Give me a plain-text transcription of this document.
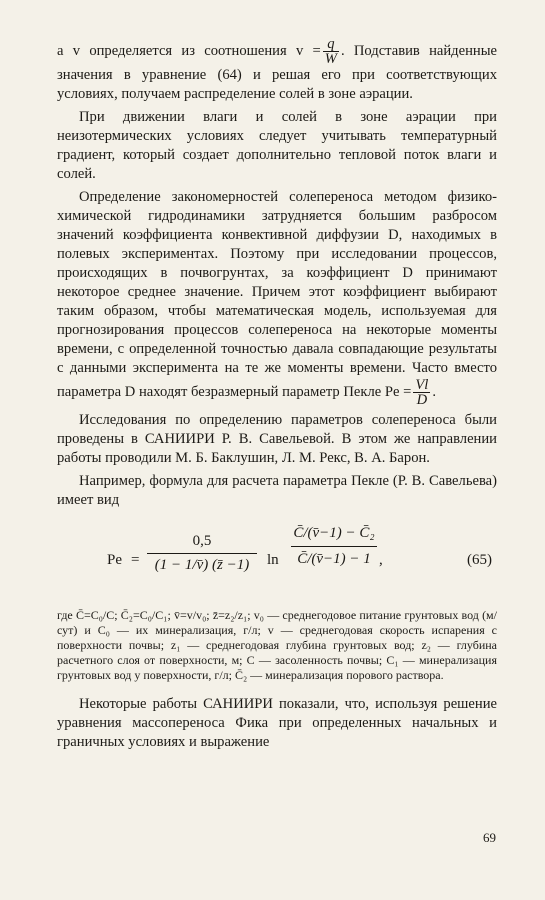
а v определяется из соотношения $v = \frac{q}{W}$ . Подставив найденные значения в уравнение (64) и решая его при соответствующих условиях, получаем распределение солей в зоне аэрации.

При движении влаги и солей в зоне аэрации при неизотермических условиях следует учитывать температурный градиент, который создает дополнительно тепловой поток влаги и солей.

Определение закономерностей солепереноса методом физико-химической гидродинамики затрудняется большим разбросом значений коэффициента конвективной диффузии D, находимых в полевых экспериментах. Поэтому при исследовании процессов, происходящих в почвогрунтах, за коэффициент D принимают некоторое среднее значение. Причем этот коэффициент выбирают таким образом, чтобы математическая модель, используемая для прогнозирования процессов солепереноса на некоторые моменты времени, с определенной точностью давала совпадающие результаты с данными эксперимента на те же моменты времени. Часто вместо параметра D находят безразмерный параметр Пекле $Pe = \frac{Vl}{D}$ .

Исследования по определению параметров солепереноса были проведены в САНИИРИ Р. В. Савельевой. В этом же направлении работы проводили М. Б. Баклушин, Л. М. Рекс, В. А. Барон.

Например, формула для расчета параметра Пекле (Р. В. Савельева) имеет вид

$Pe = \frac{0,5}{(1 - 1/v̄) (z̄ -1)}$ $\ln \frac{\text{C̄/(v̄−1) − C̄₂}}{C̄/(v̄-1) - 1}$ ,	(65)
где C̄=C₀/C; C̄₂=C₀/C₁; v̄=v/v₀; z̄=z₂/z₁; v₀ — среднегодовое питание грунтовых вод (м/сут) и C₀ — их минерализация, г/л; v — среднегодовая скорость испарения с поверхности почвы; z₁ — среднегодовая глубина грунтовых вод; z₂ — глубина расчетного слоя от поверхности, м; C — засоленность почвы; C₁ — минерализация грунтовых вод у поверхности, г/л; C̄₂ — минерализация порового раствора.

Некоторые работы САНИИРИ показали, что, используя решение уравнения массопереноса Фика при определенных начальных и граничных условиях и выражение

69
